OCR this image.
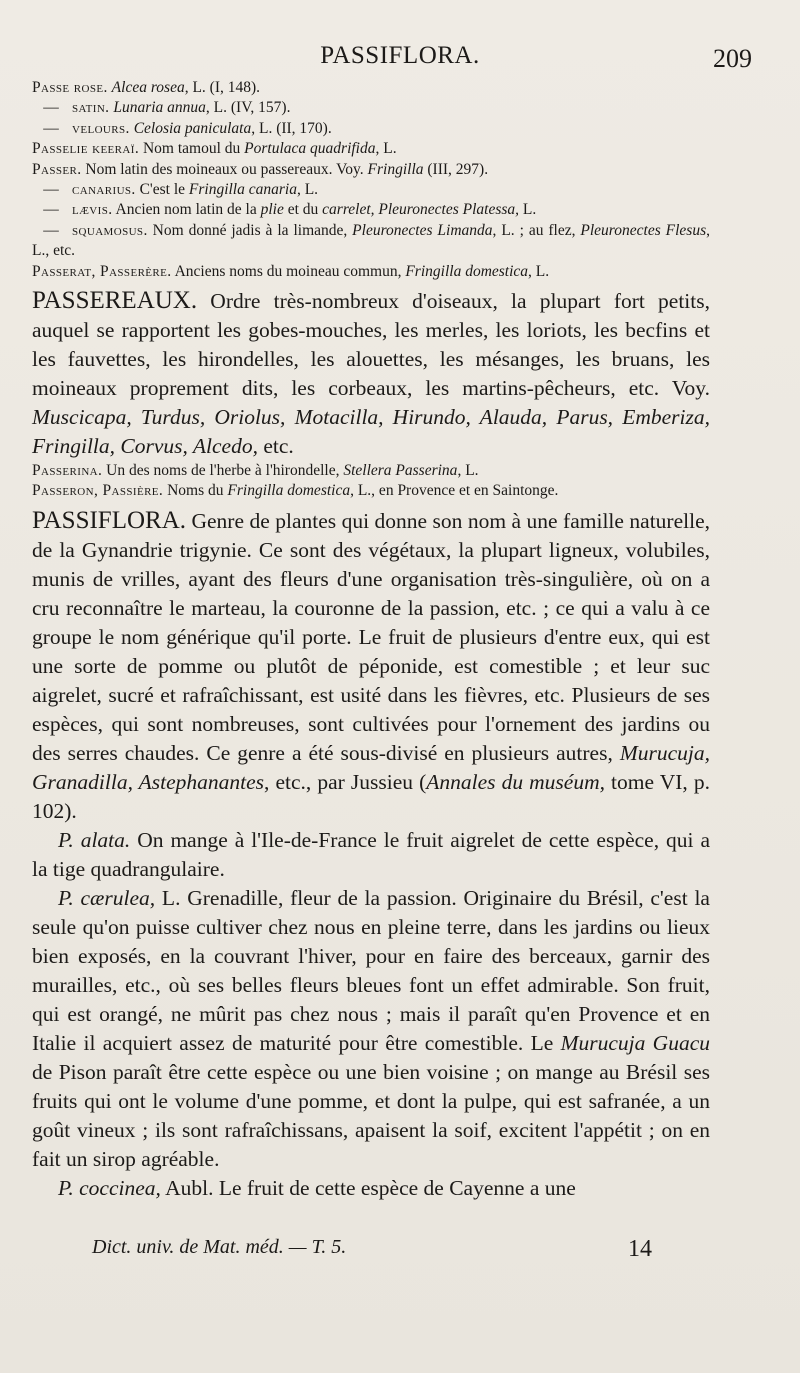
PASSIFLORA.	209

Passe rose. Alcea rosea, L. (I, 148).

— satin. Lunaria annua, L. (IV, 157).

— velours. Celosia paniculata, L. (II, 170).

Passelie keeraï. Nom tamoul du Portulaca quadrifida, L.

Passer. Nom latin des moineaux ou passereaux. Voy. Fringilla (III, 297).

— canarius. C'est le Fringilla canaria, L.

— lævis. Ancien nom latin de la plie et du carrelet, Pleuronectes Platessa, L.

— squamosus. Nom donné jadis à la limande, Pleuronectes Limanda, L. ; au flez, Pleuronectes Flesus, L., etc.

Passerat, Passerère. Anciens noms du moineau commun, Fringilla domestica, L.

PASSEREAUX. Ordre très-nombreux d'oiseaux, la plupart fort petits, auquel se rapportent les gobes-mouches, les merles, les loriots, les becfins et les fauvettes, les hirondelles, les alouettes, les mésanges, les bruans, les moineaux proprement dits, les corbeaux, les martins-pêcheurs, etc. Voy. Muscicapa, Turdus, Oriolus, Motacilla, Hirundo, Alauda, Parus, Emberiza, Fringilla, Corvus, Alcedo, etc.

Passerina. Un des noms de l'herbe à l'hirondelle, Stellera Passerina, L.

Passeron, Passière. Noms du Fringilla domestica, L., en Provence et en Saintonge.

PASSIFLORA. Genre de plantes qui donne son nom à une famille naturelle, de la Gynandrie trigynie. Ce sont des végétaux, la plupart ligneux, volubiles, munis de vrilles, ayant des fleurs d'une organisation très-singulière, où on a cru reconnaître le marteau, la couronne de la passion, etc. ; ce qui a valu à ce groupe le nom générique qu'il porte. Le fruit de plusieurs d'entre eux, qui est une sorte de pomme ou plutôt de péponide, est comestible ; et leur suc aigrelet, sucré et rafraîchissant, est usité dans les fièvres, etc. Plusieurs de ses espèces, qui sont nombreuses, sont cultivées pour l'ornement des jardins ou des serres chaudes. Ce genre a été sous-divisé en plusieurs autres, Murucuja, Granadilla, Astephanantes, etc., par Jussieu (Annales du muséum, tome VI, p. 102).

P. alata. On mange à l'Ile-de-France le fruit aigrelet de cette espèce, qui a la tige quadrangulaire.

P. cærulea, L. Grenadille, fleur de la passion. Originaire du Brésil, c'est la seule qu'on puisse cultiver chez nous en pleine terre, dans les jardins ou lieux bien exposés, en la couvrant l'hiver, pour en faire des berceaux, garnir des murailles, etc., où ses belles fleurs bleues font un effet admirable. Son fruit, qui est orangé, ne mûrit pas chez nous ; mais il paraît qu'en Provence et en Italie il acquiert assez de maturité pour être comestible. Le Murucuja Guacu de Pison paraît être cette espèce ou une bien voisine ; on mange au Brésil ses fruits qui ont le volume d'une pomme, et dont la pulpe, qui est safranée, a un goût vineux ; ils sont rafraîchissans, apaisent la soif, excitent l'appétit ; on en fait un sirop agréable.

P. coccinea, Aubl. Le fruit de cette espèce de Cayenne a une

Dict. univ. de Mat. méd. — T. 5.	14
